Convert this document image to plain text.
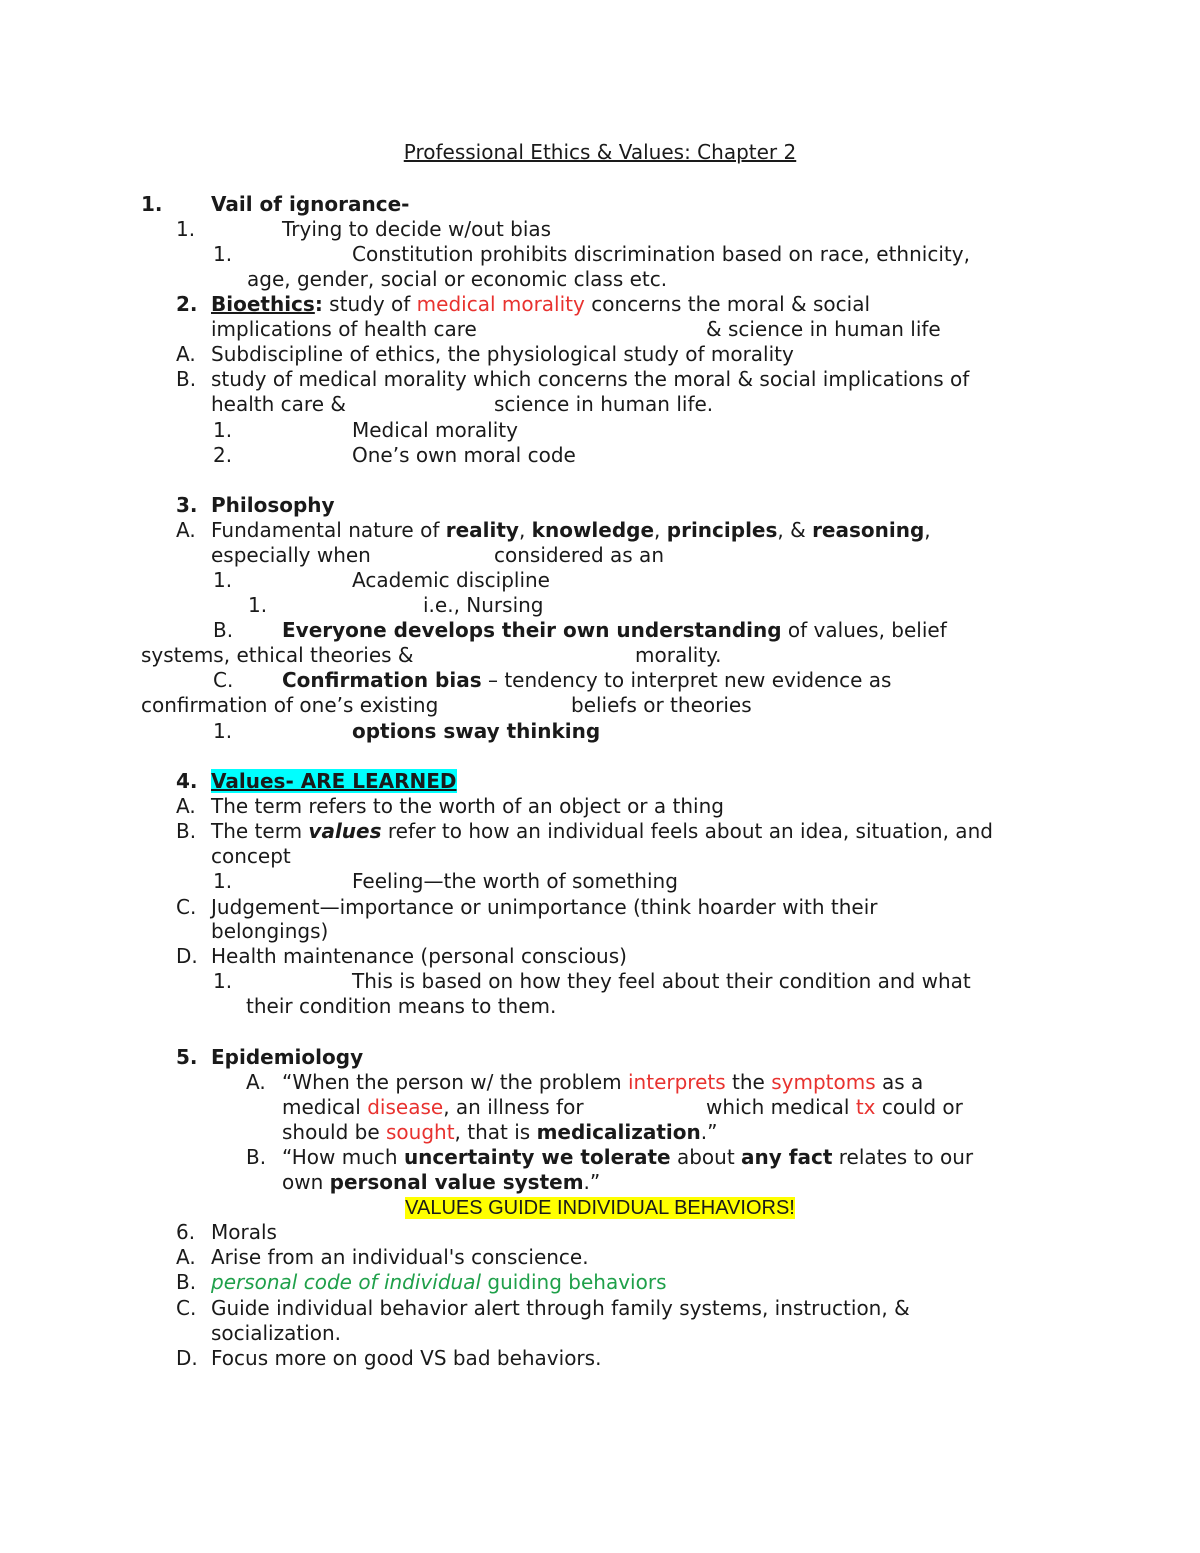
Professional Ethics & Values: Chapter 2
1. Vail of ignorance-
1.	Trying to decide w/out bias
1.	Constitution prohibits discrimination based on race, ethnicity,
age, gender, social or economic class etc.
2. Bioethics: study of medical morality concerns the moral & social
implications of health care	& science in human life
A. Subdiscipline of ethics, the physiological study of morality
B. study of medical morality which concerns the moral & social implications of
health care &	science in human life.
1.	Medical morality
2.	One’s own moral code
3. Philosophy
A. Fundamental nature of reality, knowledge, principles, & reasoning,
especially when	considered as an
1.	Academic discipline
1.	i.e., Nursing
B. Everyone develops their own understanding of values, belief
systems, ethical theories &	morality.
C. Confirmation bias – tendency to interpret new evidence as
confirmation of one’s existing	beliefs or theories
1.	options sway thinking
4. Values- ARE LEARNED
A. The term refers to the worth of an object or a thing
B. The term values refer to how an individual feels about an idea, situation, and
concept
1.	Feeling—the worth of something
C. Judgement—importance or unimportance (think hoarder with their
belongings)
D. Health maintenance (personal conscious)
1.	This is based on how they feel about their condition and what
their condition means to them.
5. Epidemiology
A. “When the person w/ the problem interprets the symptoms as a
medical disease, an illness for	which medical tx could or
should be sought, that is medicalization.”
B. “How much uncertainty we tolerate about any fact relates to our
own personal value system.”
VALUES GUIDE INDIVIDUAL BEHAVIORS!
6. Morals
A. Arise from an individual's conscience.
B. personal code of individual guiding behaviors
C. Guide individual behavior alert through family systems, instruction, &
socialization.
D. Focus more on good VS bad behaviors.
